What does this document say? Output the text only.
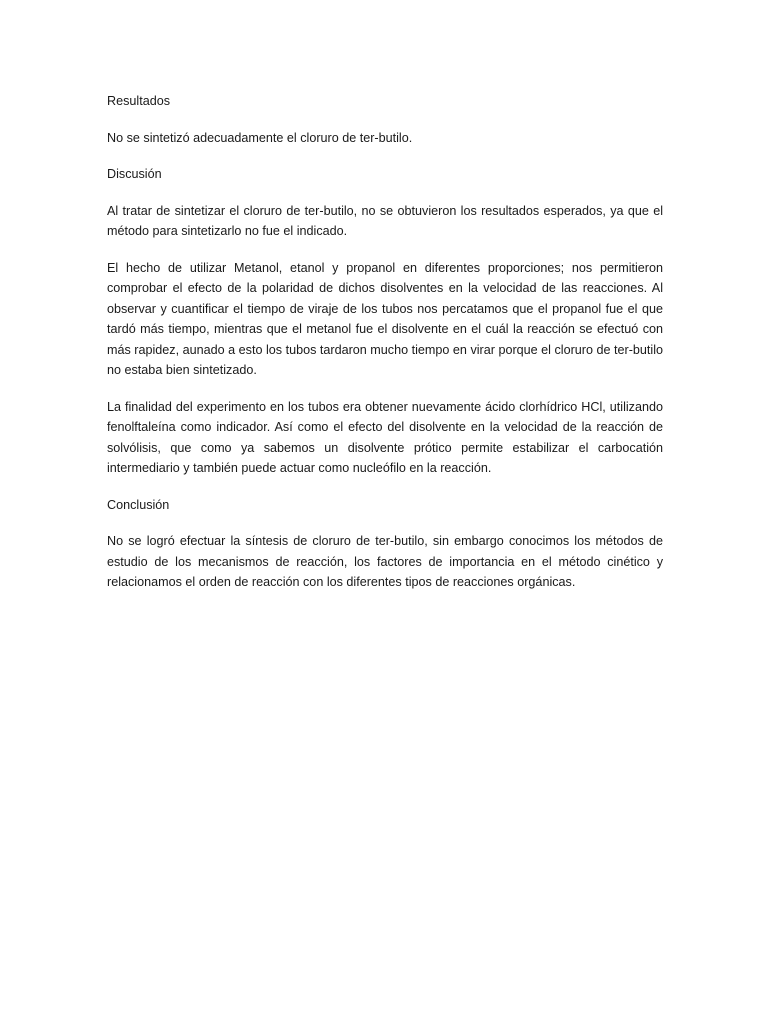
Resultados

No se sintetizó adecuadamente el cloruro de ter-butilo.

Discusión

Al tratar de sintetizar el cloruro de ter-butilo, no se obtuvieron los resultados esperados, ya que el método para sintetizarlo no fue el indicado.

El hecho de utilizar Metanol, etanol y propanol en diferentes proporciones; nos permitieron comprobar el efecto de la polaridad de dichos disolventes en la velocidad de las reacciones. Al observar y cuantificar el tiempo de viraje de los tubos nos percatamos que el propanol fue el que tardó más tiempo, mientras que el metanol fue el disolvente en el cuál la reacción se efectuó con más rapidez, aunado a esto los tubos tardaron mucho tiempo en virar porque el cloruro de ter-butilo no estaba bien sintetizado.

La finalidad del experimento en los tubos era obtener nuevamente ácido clorhídrico HCl, utilizando fenolftaleína como indicador. Así como el efecto del disolvente en la velocidad de la reacción de solvólisis, que como ya sabemos un disolvente prótico permite estabilizar el carbocatión intermediario y también puede actuar como nucleófilo en la reacción.

Conclusión

No se logró efectuar la síntesis de cloruro de ter-butilo, sin embargo conocimos los métodos de estudio de los mecanismos de reacción, los factores de importancia en el método cinético y relacionamos el orden de reacción con los diferentes tipos de reacciones orgánicas.
